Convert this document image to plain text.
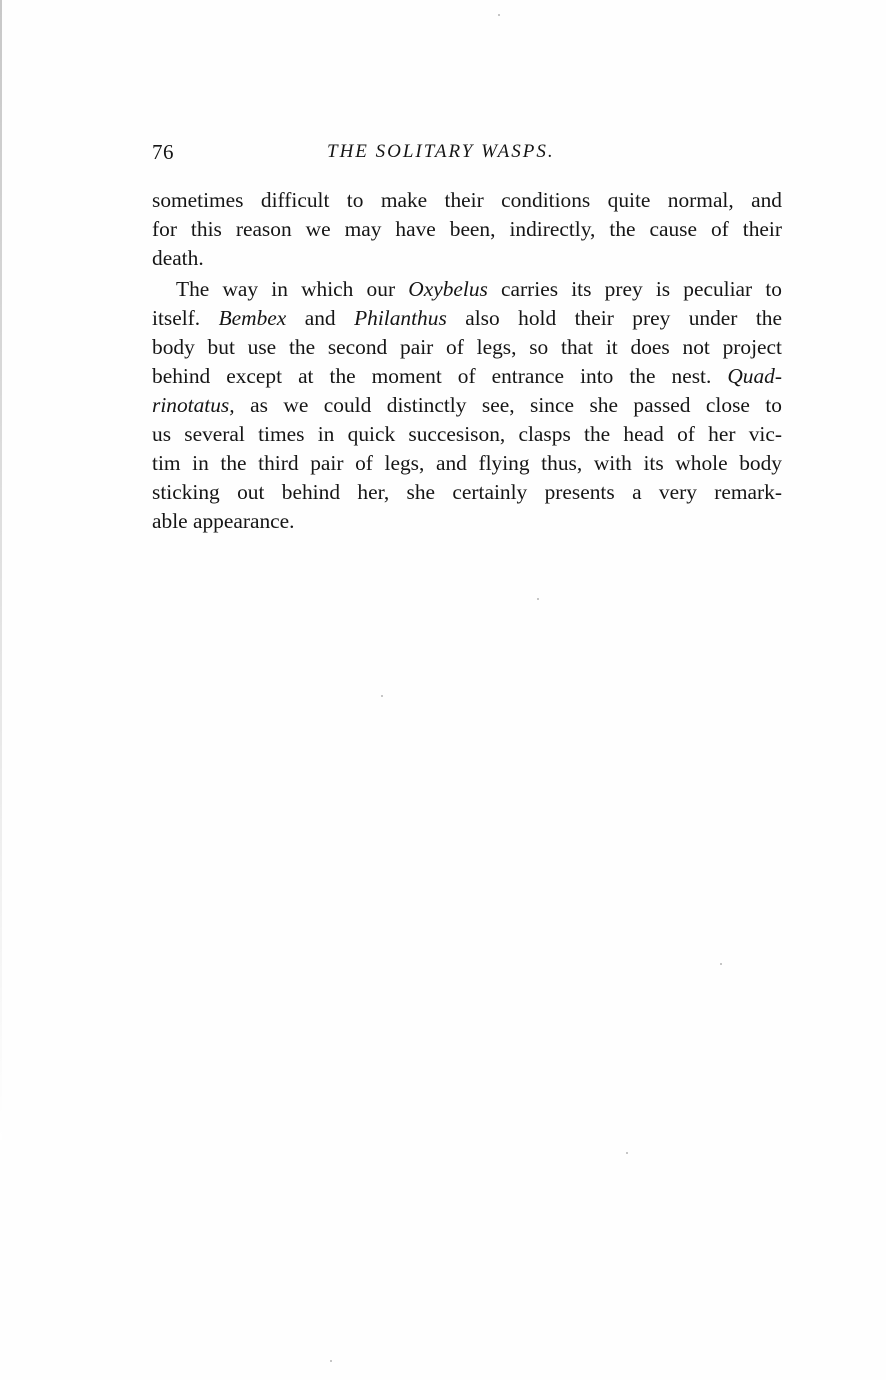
76	THE SOLITARY WASPS.
sometimes difficult to make their conditions quite normal, and
for this reason we may have been, indirectly, the cause of their
death.
The way in which our Oxybelus carries its prey is peculiar to
itself. Bembex and Philanthus also hold their prey under the
body but use the second pair of legs, so that it does not project
behind except at the moment of entrance into the nest. Quad-
rinotatus, as we could distinctly see, since she passed close to
us several times in quick succesison, clasps the head of her vic-
tim in the third pair of legs, and flying thus, with its whole body
sticking out behind her, she certainly presents a very remark-
able appearance.
